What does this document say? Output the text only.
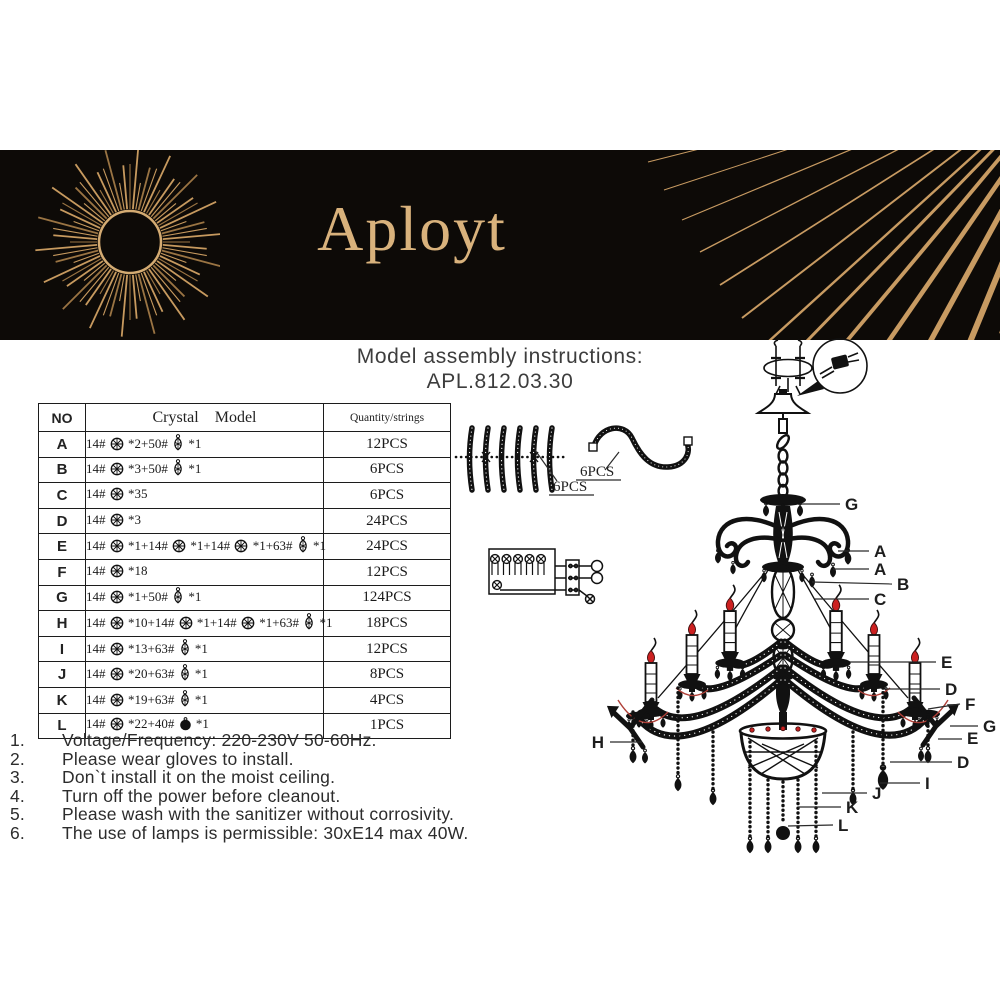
Aployt
Model assembly instructions:
APL.812.03.30
NO	Crystal    Model	Quantity/strings
A	14#  *2+50#  *1	12PCS
B	14#  *3+50#  *1	6PCS
C	14#  *35	6PCS
D	14#  *3	24PCS
E	14#  *1+14#  *1+14#  *1+63#  *1	24PCS
F	14#  *18	12PCS
G	14#  *1+50#  *1	124PCS
H	14#  *10+14#  *1+14#  *1+63#  *1	18PCS
I	14#  *13+63#  *1	12PCS
J	14#  *20+63#  *1	8PCS
K	14#  *19+63#  *1	4PCS
L	14#  *22+40#  *1	1PCS
1.	Voltage/Frequency: 220-230V 50-60Hz.
2.	Please wear gloves to install.
3.	Don`t install it on the moist ceiling.
4.	Turn off the power before cleanout.
5.	Please wash with the sanitizer without corrosivity.
6.	The use of lamps is permissible: 30xE14 max 40W.
6PCS
6PCS
G
A
A
B
C
E
D
F
G
E
D
I
J
K
L
H
